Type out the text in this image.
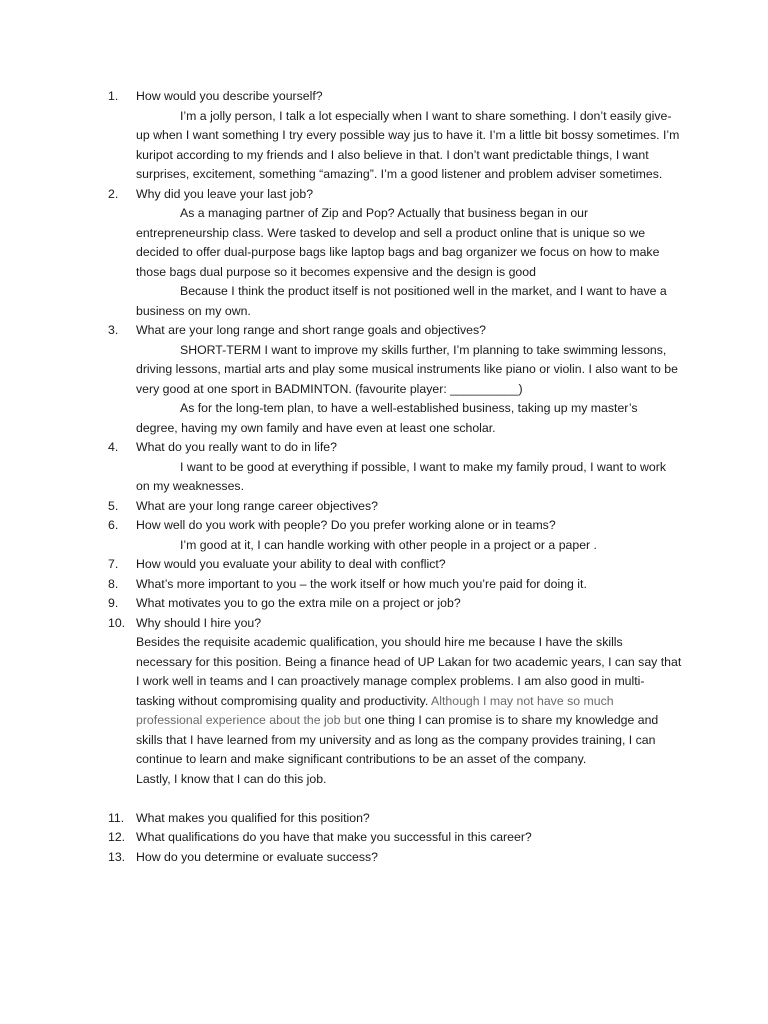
1.	How would you describe yourself?
I’m a jolly person, I talk a lot especially when I want to share something. I don’t easily give-up when I want something I try every possible way jus to have it. I’m a little bit bossy sometimes. I’m kuripot according to my friends and I also believe in that. I don’t want predictable things, I want surprises, excitement, something “amazing”. I’m a good listener and problem adviser sometimes.
2.	Why did you leave your last job?
As a managing partner of Zip and Pop? Actually that business began in our entrepreneurship class. Were tasked to develop and sell a product online that is unique so we decided to offer dual-purpose bags like laptop bags and bag organizer we focus on how to make those bags dual purpose so it becomes expensive and the design is good
Because I think the product itself is not positioned well in the market, and I want to have a business on my own.
3.	What are your long range and short range goals and objectives?
SHORT-TERM I want to improve my skills further, I’m planning to take swimming lessons, driving lessons, martial arts and play some musical instruments like piano or violin. I also want to be very good at one sport in BADMINTON. (favourite player: __________)
As for the long-tem plan, to have a well-established business, taking up my master’s degree, having my own family and have even at least one scholar.
4.	What do you really want to do in life?
I want to be good at everything if possible, I want to make my family proud, I want to work on my weaknesses.
5.	What are your long range career objectives?
6.	How well do you work with people? Do you prefer working alone or in teams?
I’m good at it, I can handle working with other people in a project or a paper .
7.	How would you evaluate your ability to deal with conflict?
8.	What’s more important to you – the work itself or how much you’re paid for doing it.
9.	What motivates you to go the extra mile on a project or job?
10. Why should I hire you?
Besides the requisite academic qualification, you should hire me because I have the skills necessary for this position. Being a finance head of UP Lakan for two academic years, I can say that I work well in teams and I can proactively manage complex problems. I am also good in multi-tasking without compromising quality and productivity. Although I may not have so much professional experience about the job but one thing I can promise is to share my knowledge and skills that I have learned from my university and as long as the company provides training, I can continue to learn and make significant contributions to be an asset of the company.
Lastly, I know that I can do this job.
11. What makes you qualified for this position?
12. What qualifications do you have that make you successful in this career?
13. How do you determine or evaluate success?
